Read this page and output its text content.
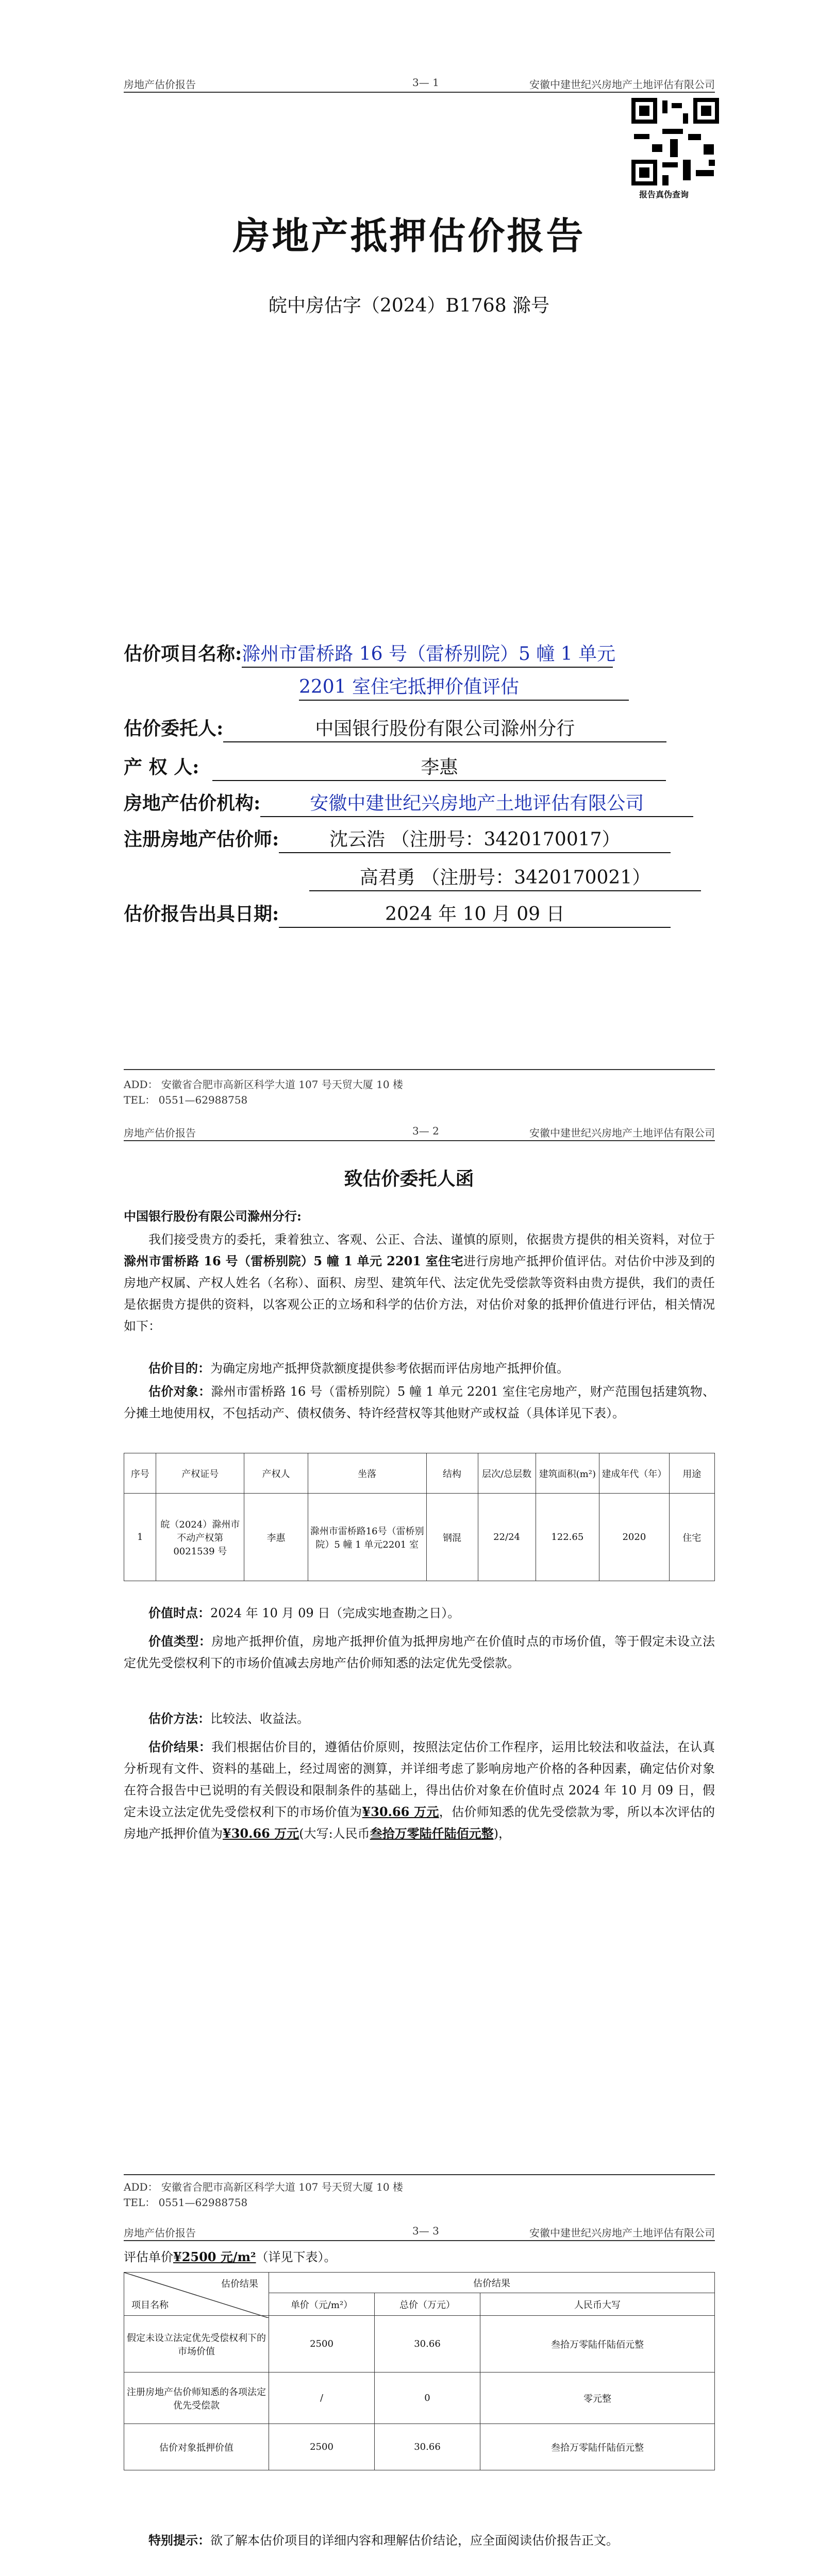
房地产估价报告	3— 1	安徽中建世纪兴房地产土地评估有限公司
报告真伪查询
房地产抵押估价报告
皖中房估字（2024）B1768 滁号
估价项目名称:滁州市雷桥路 16 号（雷桥别院）5 幢 1 单元
2201 室住宅抵押价值评估
估价委托人:	中国银行股份有限公司滁州分行
产 权 人:	李惠
房地产估价机构:	安徽中建世纪兴房地产土地评估有限公司
注册房地产估价师:	沈云浩 （注册号：3420170017）
高君勇 （注册号：3420170021）
估价报告出具日期:	2024 年 10 月 09 日
ADD： 安徽省合肥市高新区科学大道 107 号天贸大厦 10 楼
TEL： 0551—62988758
房地产估价报告	3— 2	安徽中建世纪兴房地产土地评估有限公司
致估价委托人函
中国银行股份有限公司滁州分行:
我们接受贵方的委托，秉着独立、客观、公正、合法、谨慎的原则，依据贵方提供的相关资料，对位于滁州市雷桥路 16 号（雷桥别院）5 幢 1 单元 2201 室住宅进行房地产抵押价值评估。对估价中涉及到的房地产权属、产权人姓名（名称）、面积、房型、建筑年代、法定优先受偿款等资料由贵方提供，我们的责任是依据贵方提供的资料，以客观公正的立场和科学的估价方法，对估价对象的抵押价值进行评估，相关情况如下：
估价目的：为确定房地产抵押贷款额度提供参考依据而评估房地产抵押价值。
估价对象：滁州市雷桥路 16 号（雷桥别院）5 幢 1 单元 2201 室住宅房地产，财产范围包括建筑物、分摊土地使用权，不包括动产、债权债务、特许经营权等其他财产或权益（具体详见下表）。
序号	产权证号	产权人	坐落	结构	层次/总层数	建筑面积(m²)	建成年代（年）	用途
1	皖（2024）滁州市不动产权第0021539 号	李惠	滁州市雷桥路16号（雷桥别院）5 幢 1 单元2201 室	钢混	22/24	122.65	2020	住宅
价值时点：2024 年 10 月 09 日（完成实地查勘之日）。
价值类型：房地产抵押价值，房地产抵押价值为抵押房地产在价值时点的市场价值，等于假定未设立法定优先受偿权利下的市场价值减去房地产估价师知悉的法定优先受偿款。
估价方法：比较法、收益法。
估价结果：我们根据估价目的，遵循估价原则，按照法定估价工作程序，运用比较法和收益法，在认真分析现有文件、资料的基础上，经过周密的测算，并详细考虑了影响房地产价格的各种因素，确定估价对象在符合报告中已说明的有关假设和限制条件的基础上，得出估价对象在价值时点 2024 年 10 月 09 日，假定未设立法定优先受偿权利下的市场价值为¥30.66 万元，估价师知悉的优先受偿款为零，所以本次评估的房地产抵押价值为¥30.66 万元(大写:人民币叁拾万零陆仟陆佰元整)，
ADD： 安徽省合肥市高新区科学大道 107 号天贸大厦 10 楼
TEL： 0551—62988758
房地产估价报告	3— 3	安徽中建世纪兴房地产土地评估有限公司
评估单价¥2500 元/m²（详见下表）。
估价结果
项目名称	估价结果		
	单价（元/m²）	总价（万元）	人民币大写
假定未设立法定优先受偿权利下的市场价值	2500	30.66	叁拾万零陆仟陆佰元整
注册房地产估价师知悉的各项法定优先受偿款	/	0	零元整
估价对象抵押价值	2500	30.66	叁拾万零陆仟陆佰元整
特别提示：欲了解本估价项目的详细内容和理解估价结论，应全面阅读估价报告正文。
